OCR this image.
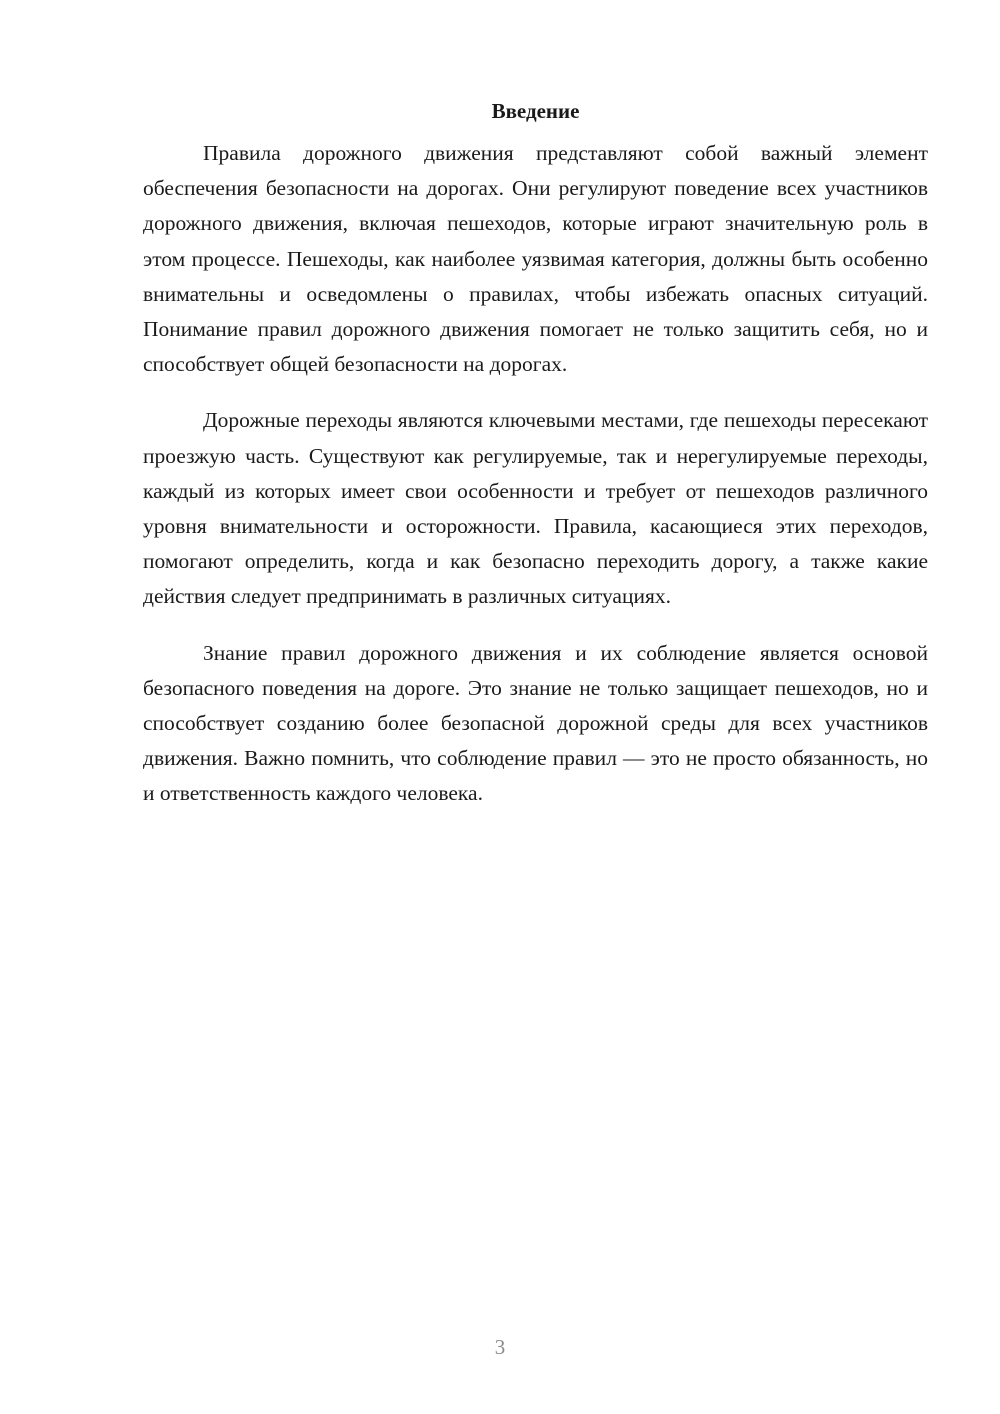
Введение

Правила дорожного движения представляют собой важный элемент обеспечения безопасности на дорогах. Они регулируют поведение всех участников дорожного движения, включая пешеходов, которые играют значительную роль в этом процессе. Пешеходы, как наиболее уязвимая категория, должны быть особенно внимательны и осведомлены о правилах, чтобы избежать опасных ситуаций. Понимание правил дорожного движения помогает не только защитить себя, но и способствует общей безопасности на дорогах.

Дорожные переходы являются ключевыми местами, где пешеходы пересекают проезжую часть. Существуют как регулируемые, так и нерегулируемые переходы, каждый из которых имеет свои особенности и требует от пешеходов различного уровня внимательности и осторожности. Правила, касающиеся этих переходов, помогают определить, когда и как безопасно переходить дорогу, а также какие действия следует предпринимать в различных ситуациях.

Знание правил дорожного движения и их соблюдение является основой безопасного поведения на дороге. Это знание не только защищает пешеходов, но и способствует созданию более безопасной дорожной среды для всех участников движения. Важно помнить, что соблюдение правил — это не просто обязанность, но и ответственность каждого человека.

3
